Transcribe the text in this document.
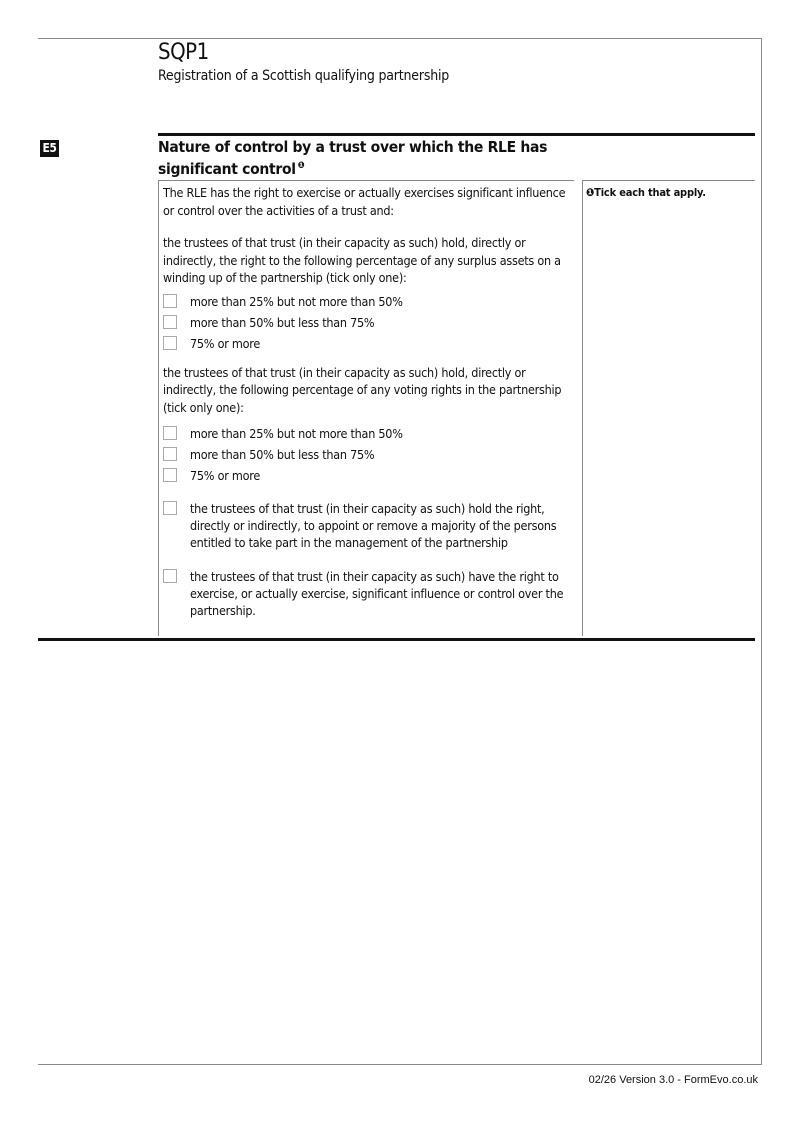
SQP1
Registration of a Scottish qualifying partnership
E5	Nature of control by a trust over which the RLE has significant control $^❶$

The RLE has the right to exercise or actually exercises significant influence or control over the activities of a trust and:

the trustees of that trust (in their capacity as such) hold, directly or indirectly, the right to the following percentage of any surplus assets on a winding up of the partnership (tick only one):

more than 25% but not more than 50%
more than 50% but less than 75%
75% or more

the trustees of that trust (in their capacity as such) hold, directly or indirectly, the following percentage of any voting rights in the partnership (tick only one):

more than 25% but not more than 50%
more than 50% but less than 75%
75% or more
the trustees of that trust (in their capacity as such) hold the right, directly or indirectly, to appoint or remove a majority of the persons entitled to take part in the management of the partnership
the trustees of that trust (in their capacity as such) have the right to exercise, or actually exercise, significant influence or control over the partnership.
❶Tick each that apply.
02/26 Version 3.0 - FormEvo.co.uk
